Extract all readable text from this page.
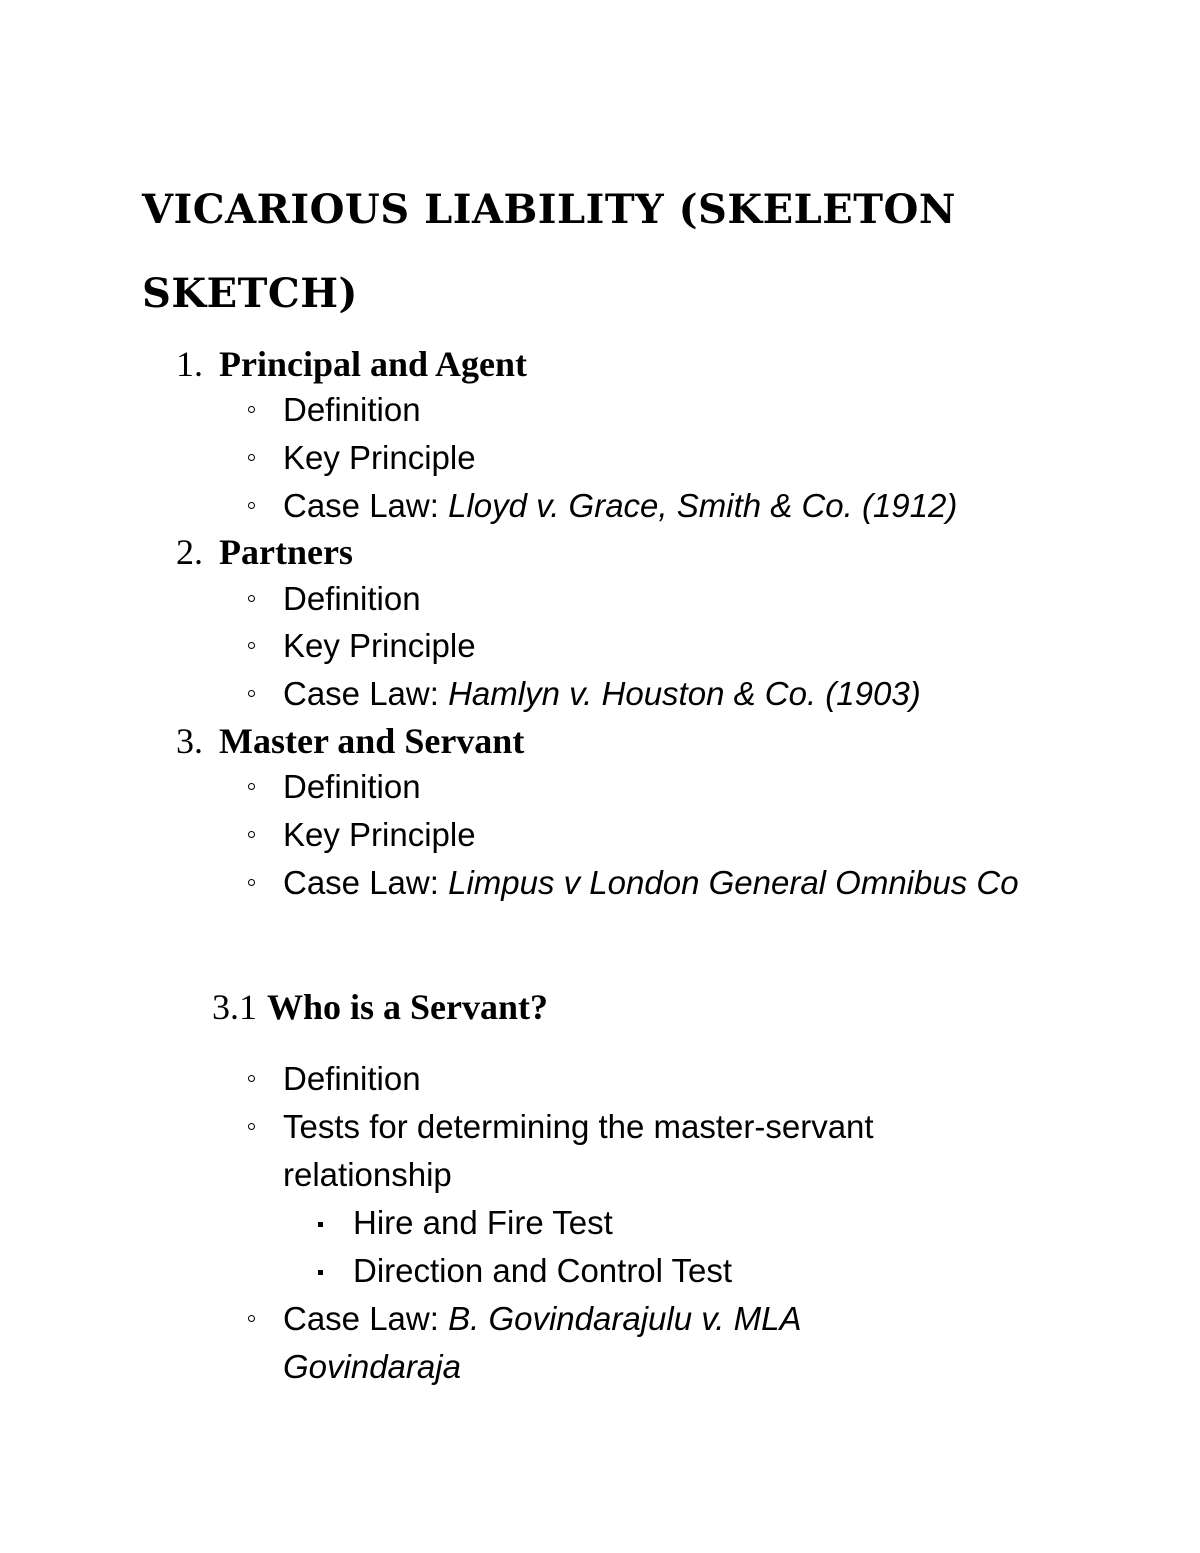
VICARIOUS LIABILITY (SKELETON
SKETCH)
1. Principal and Agent
Definition
Key Principle
Case Law: Lloyd v. Grace, Smith & Co. (1912)
2. Partners
Definition
Key Principle
Case Law: Hamlyn v. Houston & Co. (1903)
3. Master and Servant
Definition
Key Principle
Case Law: Limpus v London General Omnibus Co
3.1 Who is a Servant?
Definition
Tests for determining the master-servant relationship
Hire and Fire Test
Direction and Control Test
Case Law: B. Govindarajulu v. MLA Govindaraja
